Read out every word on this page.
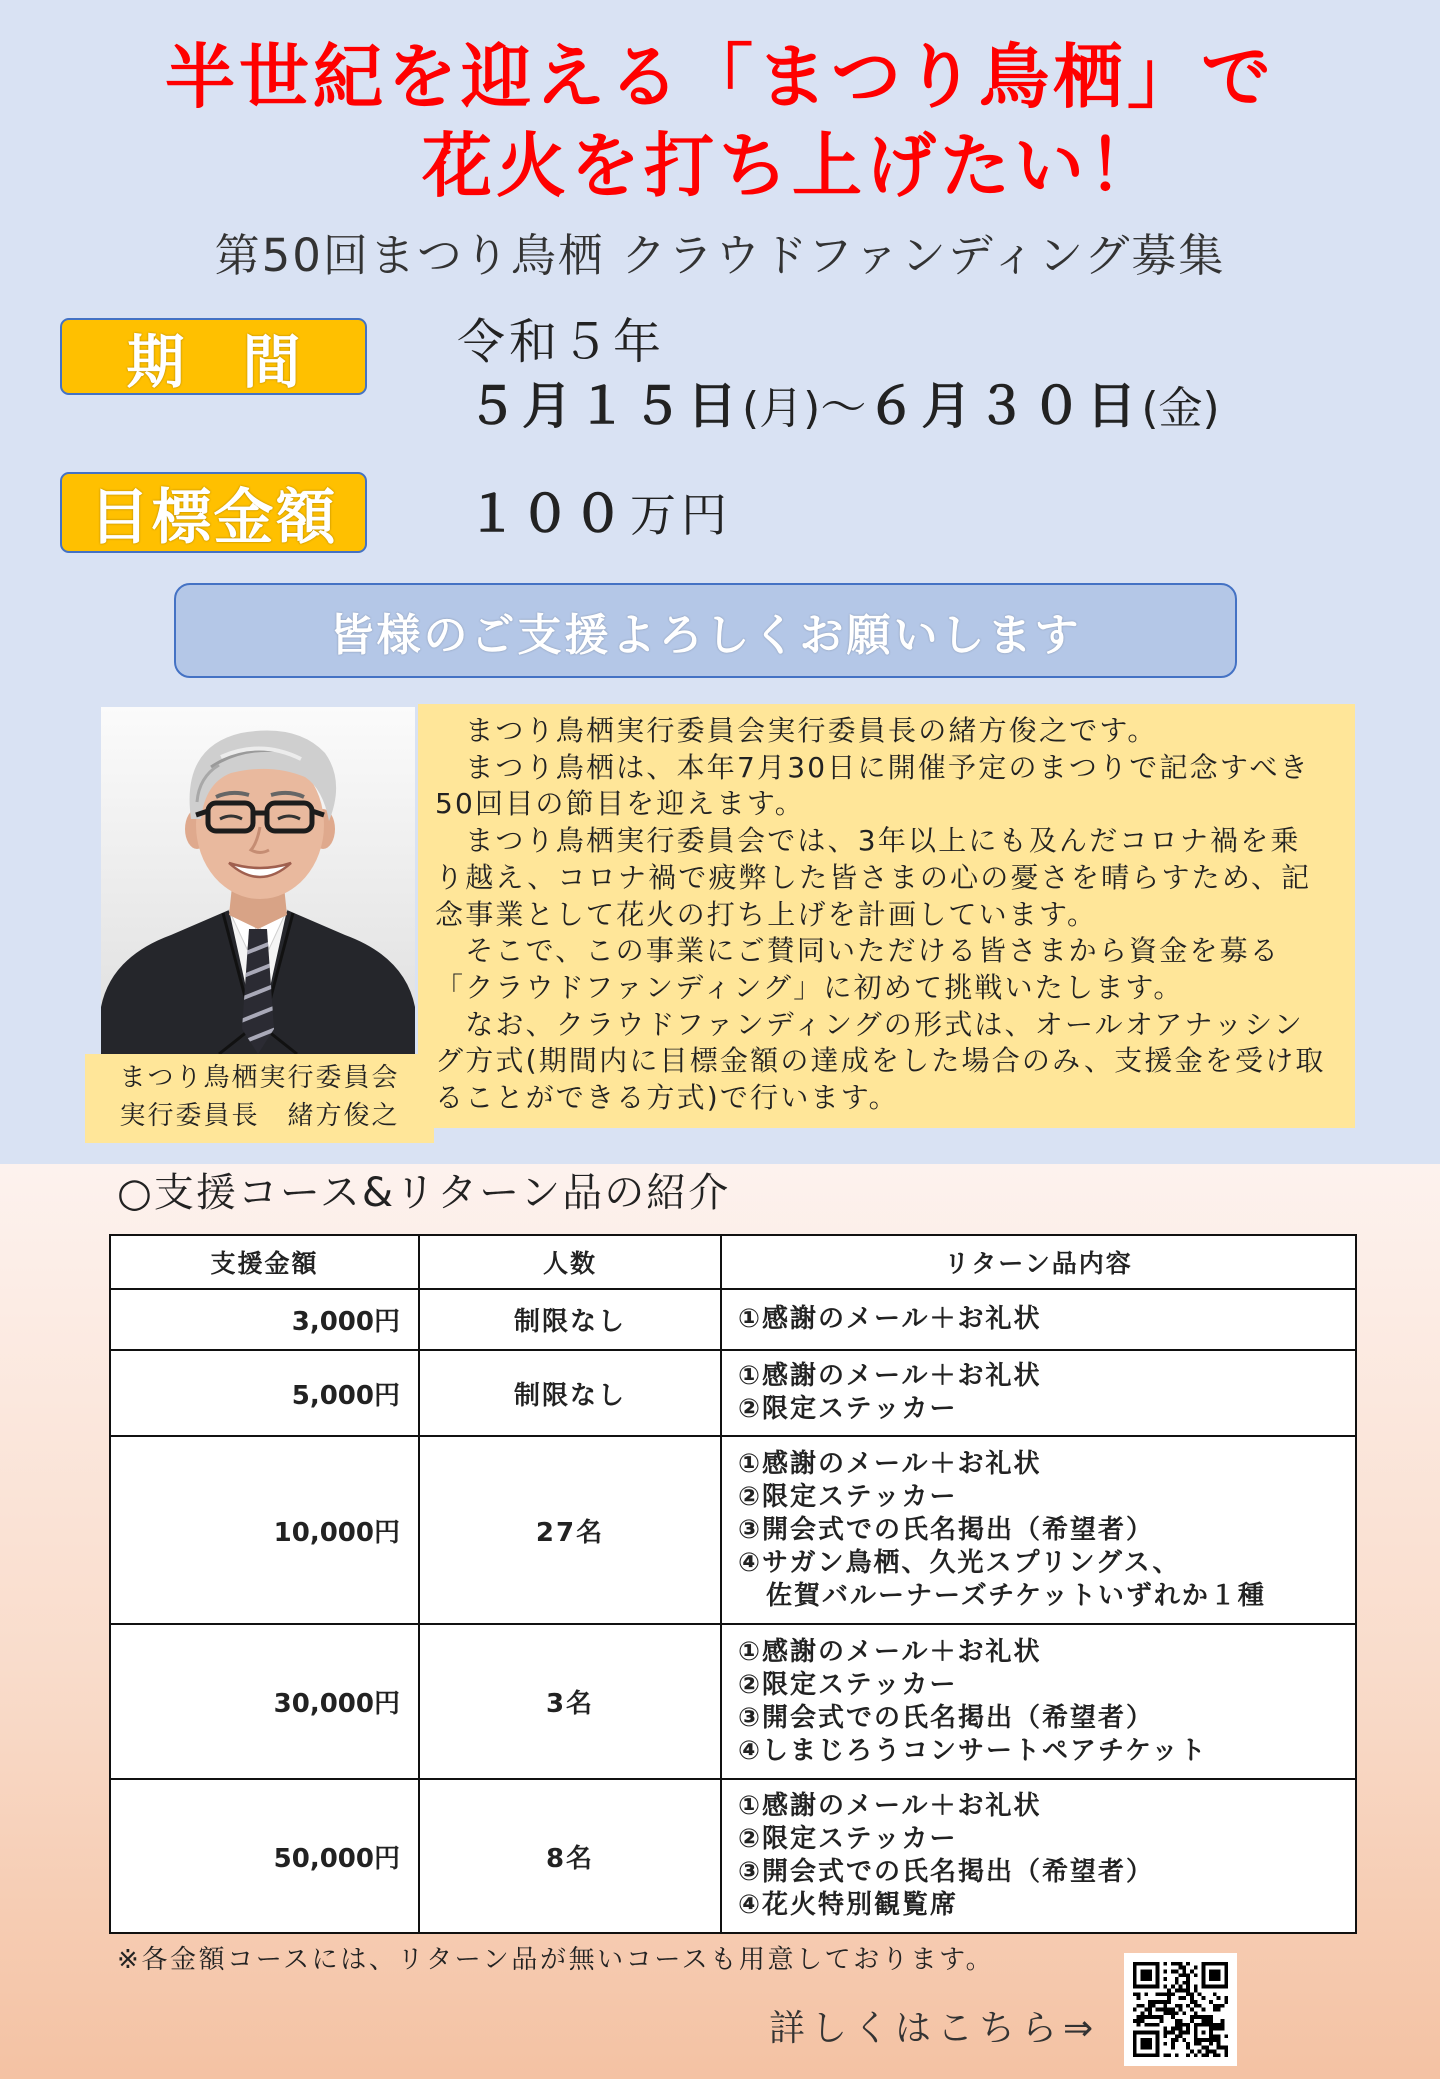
半世紀を迎える「まつり鳥栖」で
花火を打ち上げたい！
第50回まつり鳥栖 クラウドファンディング募集
期　間	令和５年
５月１５日 (月) ～ ６月３０日 (金)
目標金額	１００ 万円
皆様のご支援よろしくお願いします
まつり鳥栖実行委員会
実行委員長　緒方俊之
　まつり鳥栖実行委員会実行委員長の緒方俊之です。
　まつり鳥栖は、本年7月30日に開催予定のまつりで記念すべき
50回目の節目を迎えます。
　まつり鳥栖実行委員会では、3年以上にも及んだコロナ禍を乗
り越え、コロナ禍で疲弊した皆さまの心の憂さを晴らすため、記
念事業として花火の打ち上げを計画しています。
　そこで、この事業にご賛同いただける皆さまから資金を募る
「クラウドファンディング」に初めて挑戦いたします。
　なお、クラウドファンディングの形式は、オールオアナッシン
グ方式(期間内に目標金額の達成をした場合のみ、支援金を受け取
ることができる方式)で行います。
○支援コース&リターン品の紹介
支援金額	人数	リターン品内容
3,000円	制限なし	①感謝のメール＋お礼状

5,000円	制限なし	①感謝のメール＋お礼状
②限定ステッカー

10,000円	27名	①感謝のメール＋お礼状
②限定ステッカー
③開会式での氏名掲出（希望者）
④サガン鳥栖、久光スプリングス、
　佐賀バルーナーズチケットいずれか１種

30,000円	3名	①感謝のメール＋お礼状
②限定ステッカー
③開会式での氏名掲出（希望者）
④しまじろうコンサートペアチケット

50,000円	8名	①感謝のメール＋お礼状
②限定ステッカー
③開会式での氏名掲出（希望者）
④花火特別観覧席
※各金額コースには、リターン品が無いコースも用意しております。
詳しくはこちら⇒
